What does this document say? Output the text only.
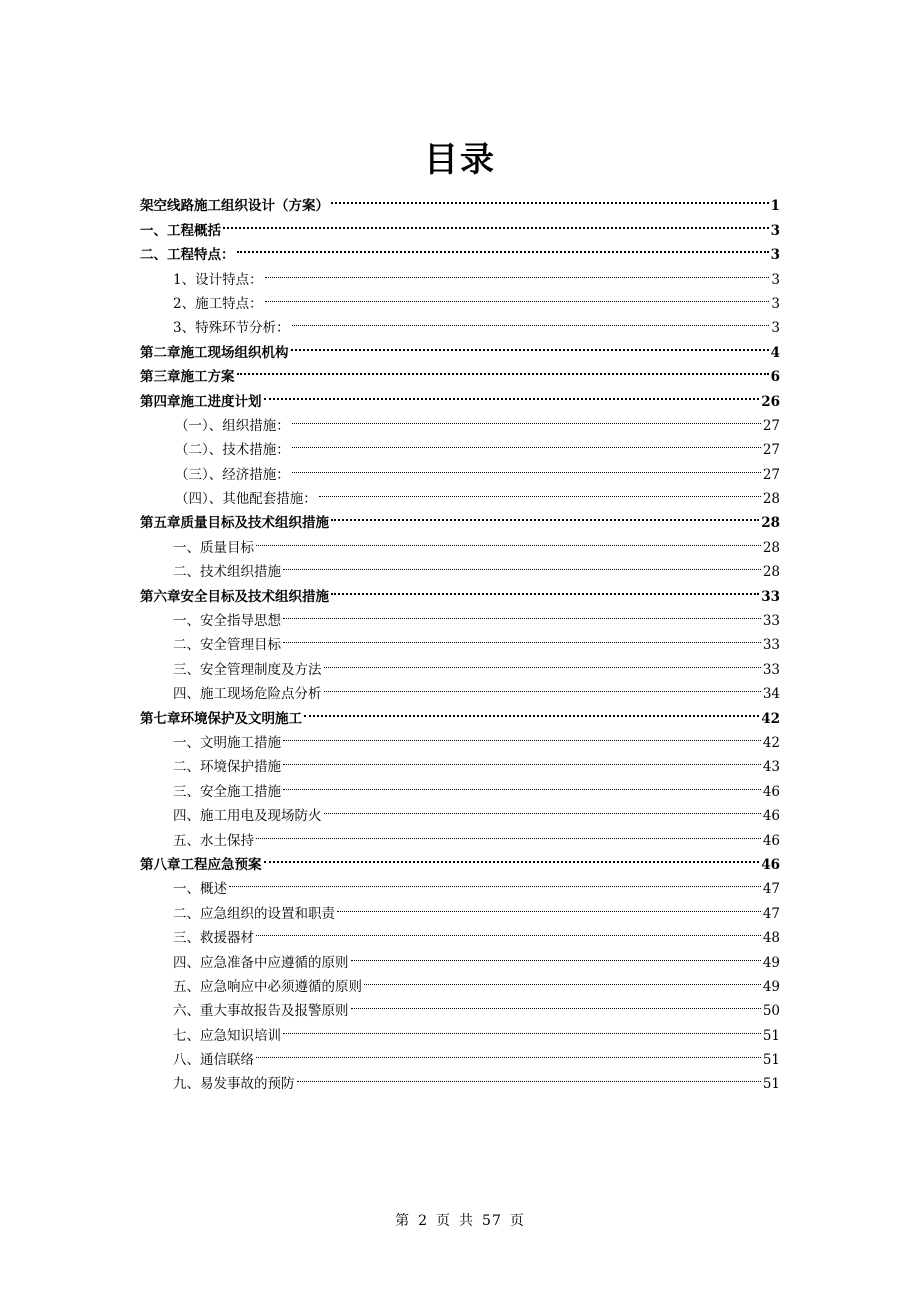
目录
架空线路施工组织设计（方案）	1
一、工程概括	3
二、工程特点：	3
1、设计特点：	3
2、施工特点：	3
3、特殊环节分析：	3
第二章施工现场组织机构	4
第三章施工方案	6
第四章施工进度计划	26
（一）、组织措施：	27
（二）、技术措施：	27
（三）、经济措施：	27
（四）、其他配套措施：	28
第五章质量目标及技术组织措施	28
一、质量目标	28
二、技术组织措施	28
第六章安全目标及技术组织措施	33
一、安全指导思想	33
二、安全管理目标	33
三、安全管理制度及方法	33
四、施工现场危险点分析	34
第七章环境保护及文明施工	42
一、文明施工措施	42
二、环境保护措施	43
三、安全施工措施	46
四、施工用电及现场防火	46
五、水土保持	46
第八章工程应急预案	46
一、概述	47
二、应急组织的设置和职责	47
三、救援器材	48
四、应急准备中应遵循的原则	49
五、应急响应中必须遵循的原则	49
六、重大事故报告及报警原则	50
七、应急知识培训	51
八、通信联络	51
九、易发事故的预防	51
第 2 页 共 57 页
